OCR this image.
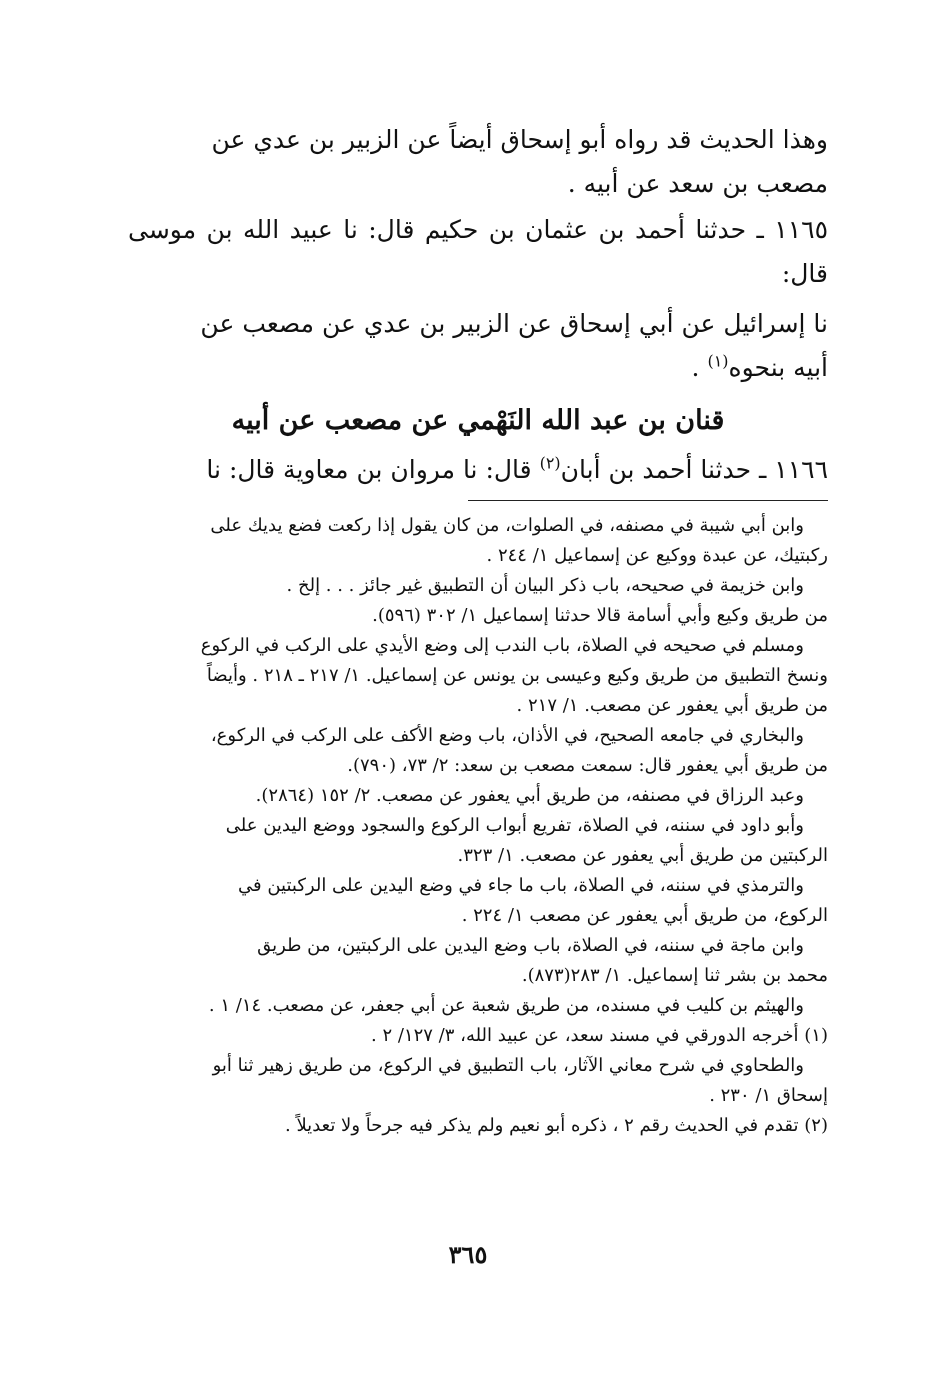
وهذا الحديث قد رواه أبو إسحاق أيضاً عن الزبير بن عدي عن

مصعب بن سعد عن أبيه .

١١٦٥ ـ حدثنا أحمد بن عثمان بن حكيم قال: نا عبيد الله بن موسى قال:

نا إسرائيل عن أبي إسحاق عن الزبير بن عدي عن مصعب عن

أبيه بنحوه$^{(١)}$ .

قنان بن عبد الله النَهْمي عن مصعب عن أبيه

١١٦٦ ـ حدثنا أحمد بن أبان$^{(٢)}$ قال: نا مروان بن معاوية قال: نا

وابن أبي شيبة في مصنفه، في الصلوات، من كان يقول إذا ركعت فضع يديك على

ركبتيك، عن عبدة ووكيع عن إسماعيل ١/ ٢٤٤ .

وابن خزيمة في صحيحه، باب ذكر البيان أن التطبيق غير جائز . . . إلخ .

من طريق وكيع وأبي أسامة قالا حدثنا إسماعيل ١/ ٣٠٢ (٥٩٦).

ومسلم في صحيحه في الصلاة، باب الندب إلى وضع الأيدي على الركب في الركوع

ونسخ التطبيق من طريق وكيع وعيسى بن يونس عن إسماعيل. ١/ ٢١٧ ـ ٢١٨ . وأيضاً

من طريق أبي يعفور عن مصعب. ١/ ٢١٧ .

والبخاري في جامعه الصحيح، في الأذان، باب وضع الأكف على الركب في الركوع،

من طريق أبي يعفور قال: سمعت مصعب بن سعد: ٢/ ٧٣، (٧٩٠).

وعبد الرزاق في مصنفه، من طريق أبي يعفور عن مصعب. ٢/ ١٥٢ (٢٨٦٤).

وأبو داود في سننه، في الصلاة، تفريع أبواب الركوع والسجود ووضع اليدين على

الركبتين من طريق أبي يعفور عن مصعب. ١/ ٣٢٣.

والترمذي في سننه، في الصلاة، باب ما جاء في وضع اليدين على الركبتين في

الركوع، من طريق أبي يعفور عن مصعب ١/ ٢٢٤ .

وابن ماجة في سننه، في الصلاة، باب وضع اليدين على الركبتين، من طريق

محمد بن بشر ثنا إسماعيل. ١/ ٢٨٣(٨٧٣).

والهيثم بن كليب في مسنده، من طريق شعبة عن أبي جعفر، عن مصعب. ١٤/ ١ .

(١) أخرجه الدورقي في مسند سعد، عن عبيد الله، ٣/ ١٢٧/ ٢ .

والطحاوي في شرح معاني الآثار، باب التطبيق في الركوع، من طريق زهير ثنا أبو

إسحاق ١/ ٢٣٠ .

(٢) تقدم في الحديث رقم ٢ ، ذكره أبو نعيم ولم يذكر فيه جرحاً ولا تعديلاً .

٣٦٥
